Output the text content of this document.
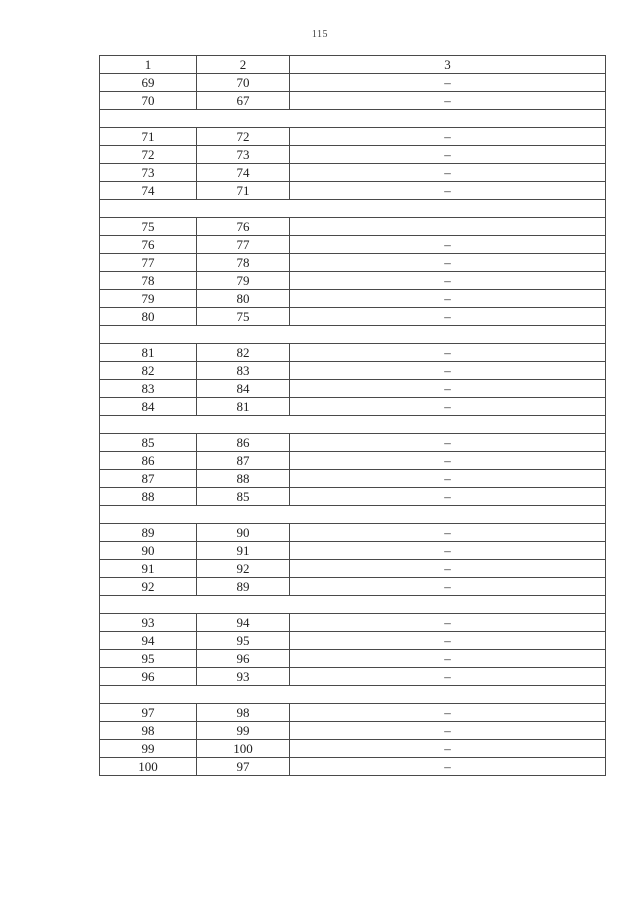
115
1	2	3
69	70	–
70	67	–

71	72	–
72	73	–
73	74	–
74	71	–

75	76	
76	77	–
77	78	–
78	79	–
79	80	–
80	75	–

81	82	–
82	83	–
83	84	–
84	81	–

85	86	–
86	87	–
87	88	–
88	85	–

89	90	–
90	91	–
91	92	–
92	89	–

93	94	–
94	95	–
95	96	–
96	93	–

97	98	–
98	99	–
99	100	–
100	97	–
